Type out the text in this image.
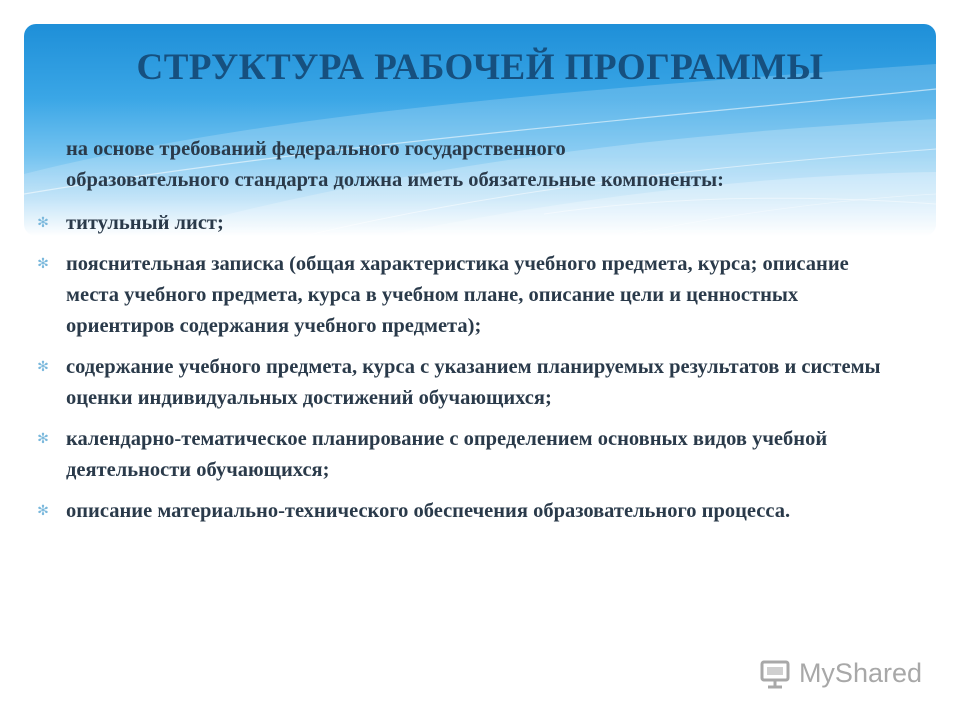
СТРУКТУРА РАБОЧЕЙ ПРОГРАММЫ

на основе требований федерального государственного
образовательного стандарта должна иметь обязательные компоненты:

✻ титульный лист;
✻ пояснительная записка (общая характеристика учебного предмета, курса; описание места учебного предмета, курса в учебном плане, описание цели и ценностных ориентиров содержания учебного предмета);
✻ содержание учебного предмета, курса с указанием планируемых результатов и системы оценки индивидуальных достижений обучающихся;
✻ календарно-тематическое планирование с определением основных видов учебной деятельности обучающихся;
✻ описание материально-технического обеспечения образовательного процесса.
MyShared
